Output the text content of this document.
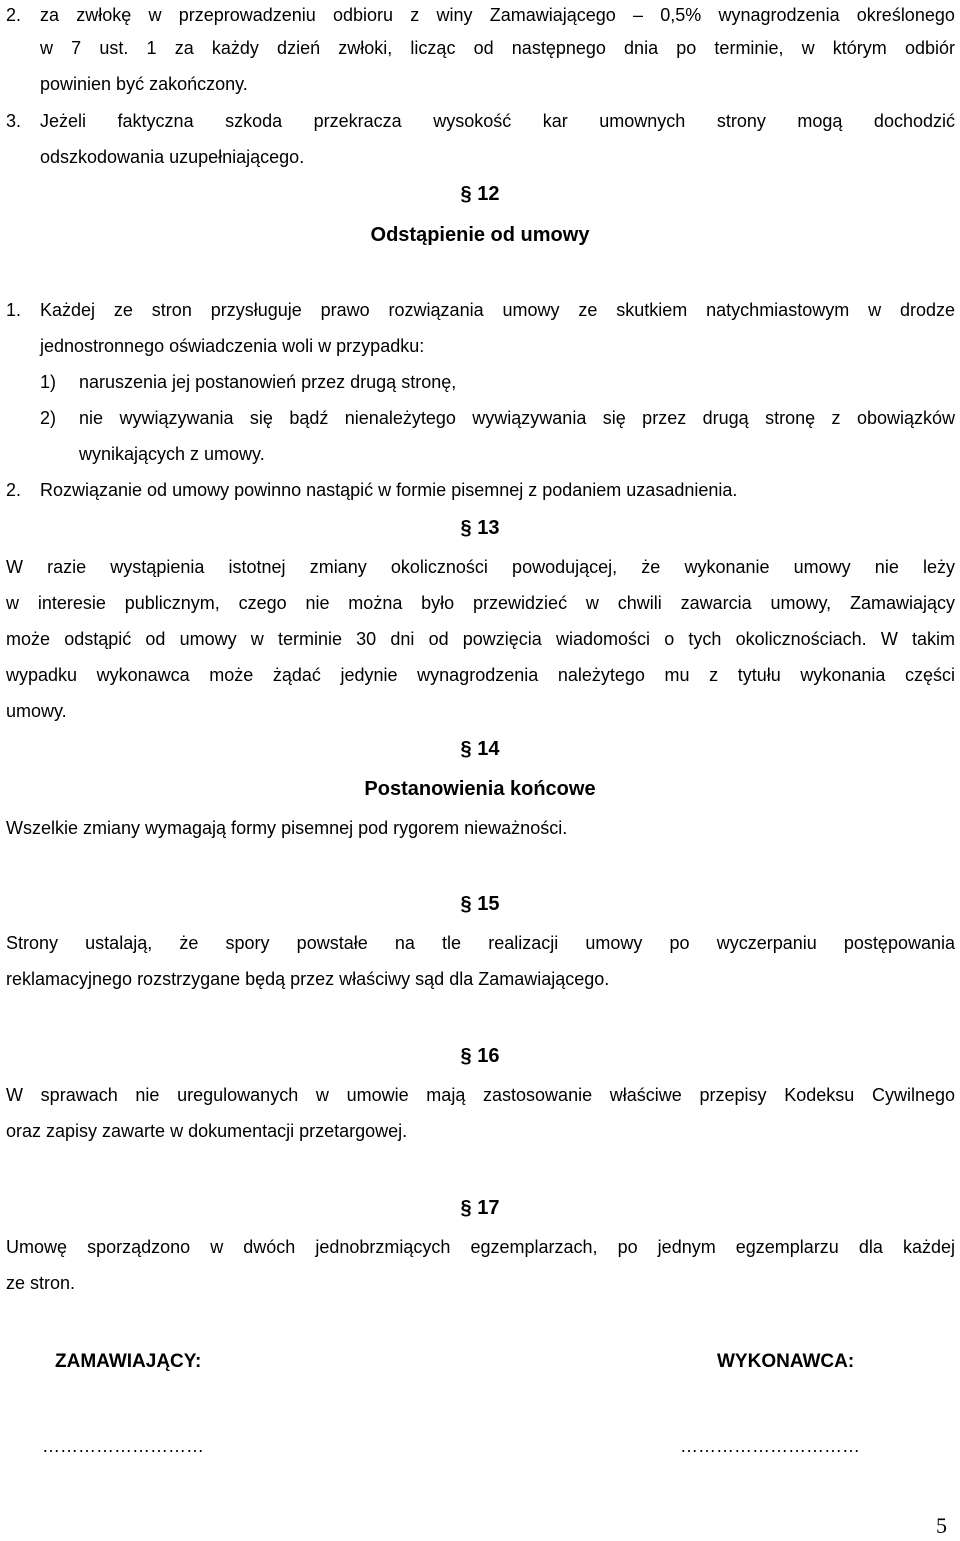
2. za zwłokę w przeprowadzeniu odbioru z winy Zamawiającego – 0,5% wynagrodzenia określonego
w 7 ust. 1 za każdy dzień zwłoki, licząc od następnego dnia po terminie, w którym odbiór
powinien być zakończony.
3. Jeżeli faktyczna szkoda przekracza wysokość kar umownych strony mogą dochodzić
odszkodowania uzupełniającego.
§ 12
Odstąpienie od umowy
1. Każdej ze stron przysługuje prawo rozwiązania umowy ze skutkiem natychmiastowym w drodze
jednostronnego oświadczenia woli w przypadku:
1) naruszenia jej postanowień przez drugą stronę,
2) nie wywiązywania się bądź nienależytego wywiązywania się przez drugą stronę z obowiązków
wynikających z umowy.
2. Rozwiązanie od umowy powinno nastąpić w formie pisemnej z podaniem uzasadnienia.
§ 13
W razie wystąpienia istotnej zmiany okoliczności powodującej, że wykonanie umowy nie leży
w interesie publicznym, czego nie można było przewidzieć w chwili zawarcia umowy, Zamawiający
może odstąpić od umowy w terminie 30 dni od powzięcia wiadomości o tych okolicznościach. W takim
wypadku wykonawca może żądać jedynie wynagrodzenia należytego mu z tytułu wykonania części
umowy.
§ 14
Postanowienia końcowe
Wszelkie zmiany wymagają formy pisemnej pod rygorem nieważności.
§ 15
Strony ustalają, że spory powstałe na tle realizacji umowy po wyczerpaniu postępowania
reklamacyjnego rozstrzygane będą przez właściwy sąd dla Zamawiającego.
§ 16
W sprawach nie uregulowanych w umowie mają zastosowanie właściwe przepisy Kodeksu Cywilnego
oraz zapisy zawarte w dokumentacji przetargowej.
§ 17
Umowę sporządzono w dwóch jednobrzmiących egzemplarzach, po jednym egzemplarzu dla każdej
ze stron.
ZAMAWIAJĄCY:	WYKONAWCA:
………………………	…………………………
5
